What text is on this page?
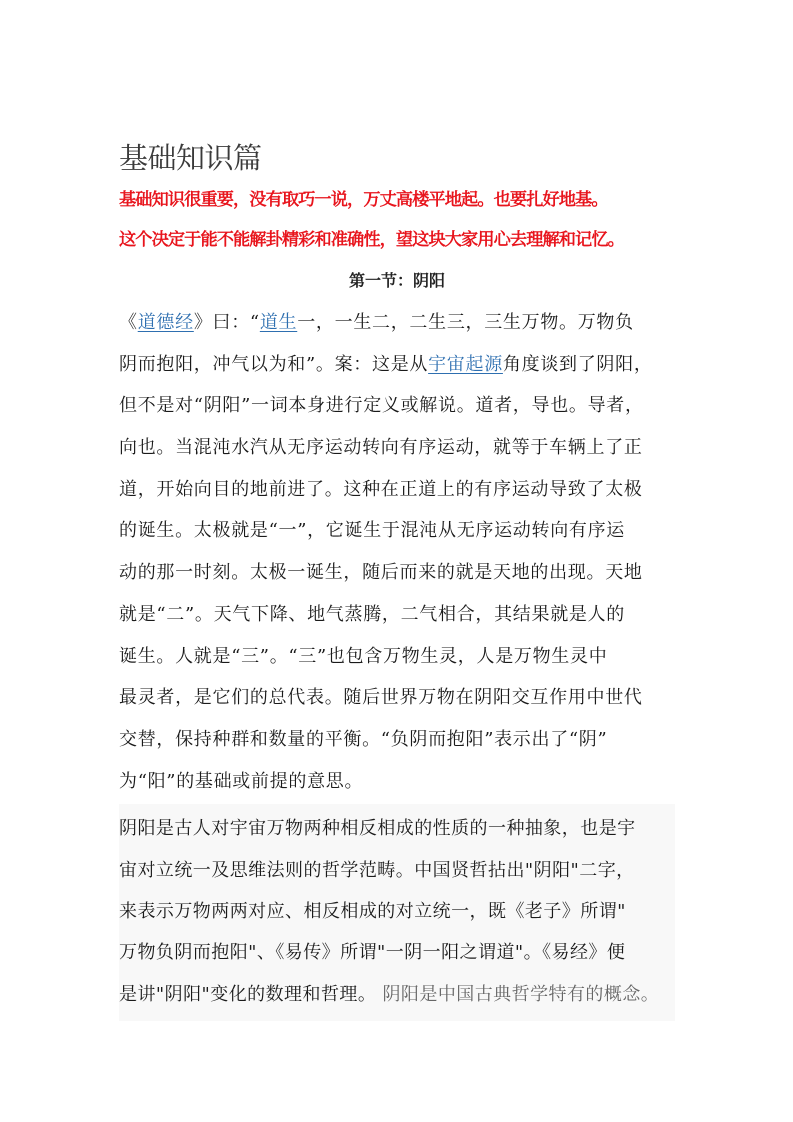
基础知识篇

基础知识很重要，没有取巧一说，万丈高楼平地起。也要扎好地基。

这个决定于能不能解卦精彩和准确性，望这块大家用心去理解和记忆。

第一节：阴阳
《道德经》曰：“道生一，一生二，二生三，三生万物。万物负
阴而抱阳，冲气以为和”。案：这是从宇宙起源角度谈到了阴阳，
但不是对“阴阳”一词本身进行定义或解说。道者，导也。导者，
向也。当混沌水汽从无序运动转向有序运动，就等于车辆上了正
道，开始向目的地前进了。这种在正道上的有序运动导致了太极
的诞生。太极就是“一”，它诞生于混沌从无序运动转向有序运
动的那一时刻。太极一诞生，随后而来的就是天地的出现。天地
就是“二”。天气下降、地气蒸腾，二气相合，其结果就是人的
诞生。人就是“三”。“三”也包含万物生灵，人是万物生灵中
最灵者，是它们的总代表。随后世界万物在阴阳交互作用中世代
交替，保持种群和数量的平衡。“负阴而抱阳”表示出了“阴”
为“阳”的基础或前提的意思。
阴阳是古人对宇宙万物两种相反相成的性质的一种抽象，也是宇
宙对立统一及思维法则的哲学范畴。中国贤哲拈出"阴阳"二字，
来表示万物两两对应、相反相成的对立统一，既《老子》所谓"
万物负阴而抱阳"、《易传》所谓"一阴一阳之谓道"。《易经》便
是讲"阴阳"变化的数理和哲理。 阴阳是中国古典哲学特有的概念。
